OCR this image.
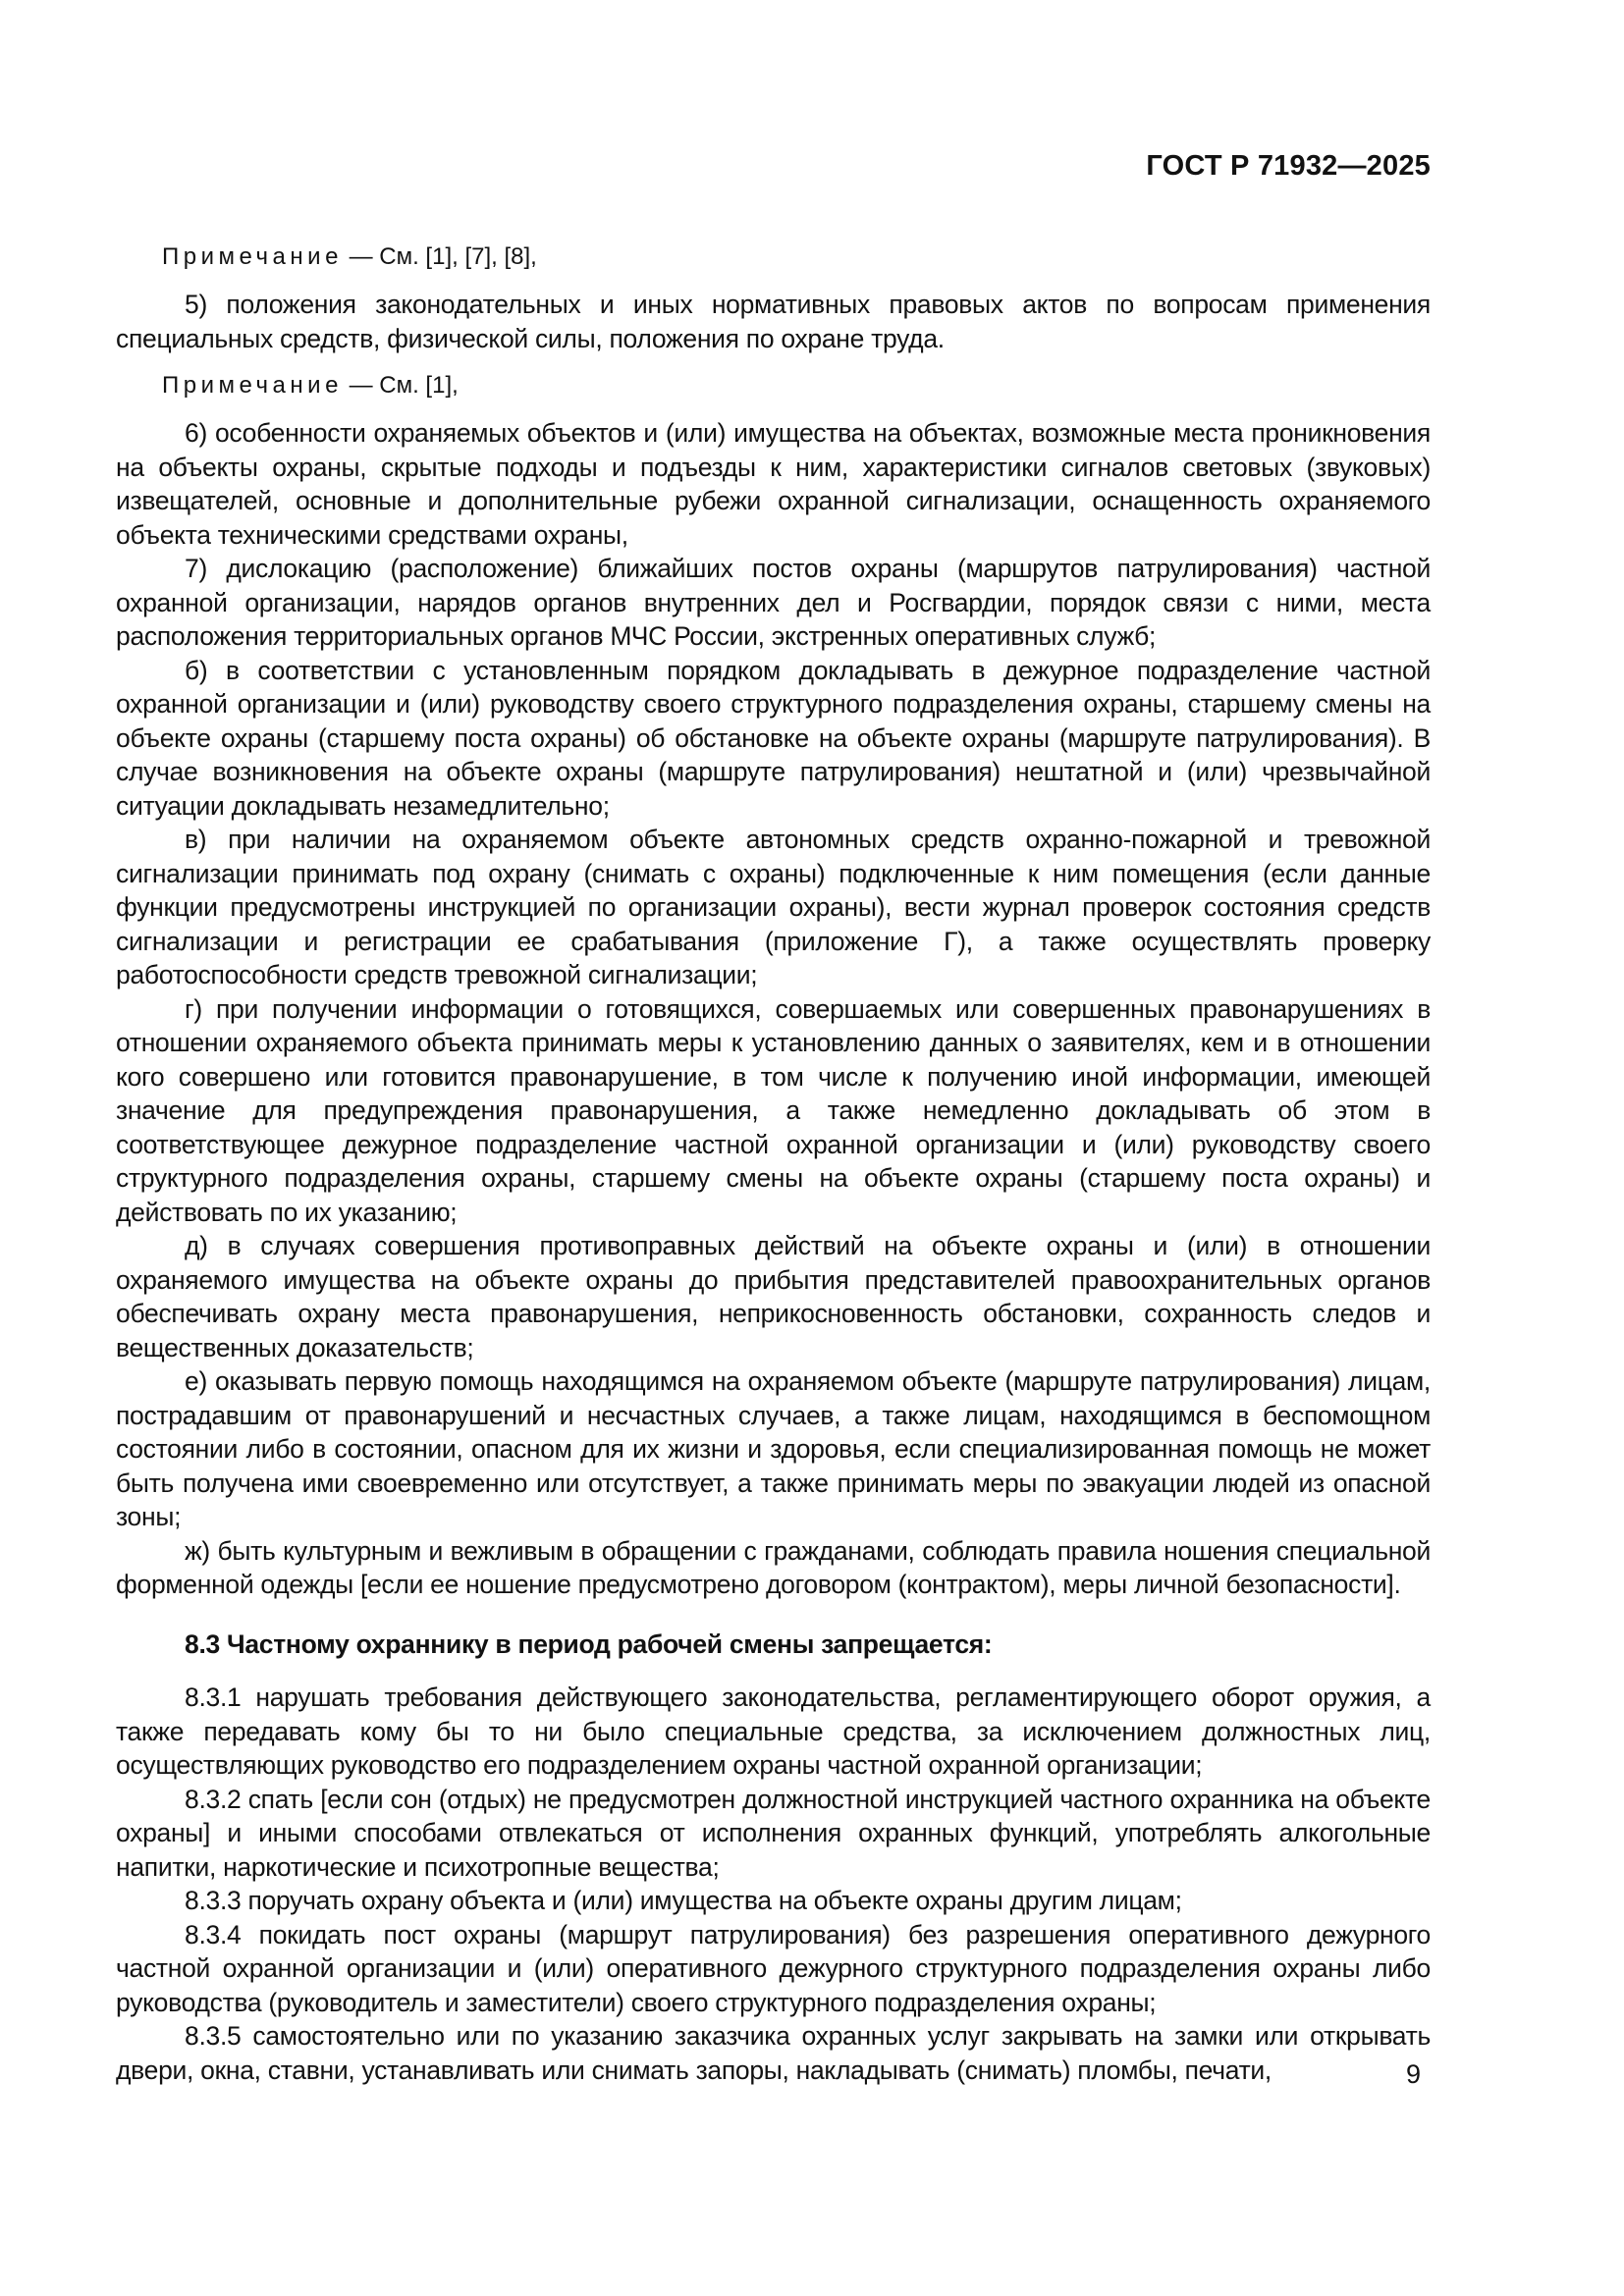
ГОСТ Р 71932—2025

Примечание — См. [1], [7], [8],

5) положения законодательных и иных нормативных правовых актов по вопросам применения специальных средств, физической силы, положения по охране труда.

Примечание — См. [1],

6) особенности охраняемых объектов и (или) имущества на объектах, возможные места проникновения на объекты охраны, скрытые подходы и подъезды к ним, характеристики сигналов световых (звуковых) извещателей, основные и дополнительные рубежи охранной сигнализации, оснащенность охраняемого объекта техническими средствами охраны,

7) дислокацию (расположение) ближайших постов охраны (маршрутов патрулирования) частной охранной организации, нарядов органов внутренних дел и Росгвардии, порядок связи с ними, места расположения территориальных органов МЧС России, экстренных оперативных служб;

б) в соответствии с установленным порядком докладывать в дежурное подразделение частной охранной организации и (или) руководству своего структурного подразделения охраны, старшему смены на объекте охраны (старшему поста охраны) об обстановке на объекте охраны (маршруте патрулирования). В случае возникновения на объекте охраны (маршруте патрулирования) нештатной и (или) чрезвычайной ситуации докладывать незамедлительно;

в) при наличии на охраняемом объекте автономных средств охранно-пожарной и тревожной сигнализации принимать под охрану (снимать с охраны) подключенные к ним помещения (если данные функции предусмотрены инструкцией по организации охраны), вести журнал проверок состояния средств сигнализации и регистрации ее срабатывания (приложение Г), а также осуществлять проверку работоспособности средств тревожной сигнализации;

г) при получении информации о готовящихся, совершаемых или совершенных правонарушениях в отношении охраняемого объекта принимать меры к установлению данных о заявителях, кем и в отношении кого совершено или готовится правонарушение, в том числе к получению иной информации, имеющей значение для предупреждения правонарушения, а также немедленно докладывать об этом в соответствующее дежурное подразделение частной охранной организации и (или) руководству своего структурного подразделения охраны, старшему смены на объекте охраны (старшему поста охраны) и действовать по их указанию;

д) в случаях совершения противоправных действий на объекте охраны и (или) в отношении охраняемого имущества на объекте охраны до прибытия представителей правоохранительных органов обеспечивать охрану места правонарушения, неприкосновенность обстановки, сохранность следов и вещественных доказательств;

е) оказывать первую помощь находящимся на охраняемом объекте (маршруте патрулирования) лицам, пострадавшим от правонарушений и несчастных случаев, а также лицам, находящимся в беспомощном состоянии либо в состоянии, опасном для их жизни и здоровья, если специализированная помощь не может быть получена ими своевременно или отсутствует, а также принимать меры по эвакуации людей из опасной зоны;

ж) быть культурным и вежливым в обращении с гражданами, соблюдать правила ношения специальной форменной одежды [если ее ношение предусмотрено договором (контрактом), меры личной безопасности].

8.3 Частному охраннику в период рабочей смены запрещается:

8.3.1 нарушать требования действующего законодательства, регламентирующего оборот оружия, а также передавать кому бы то ни было специальные средства, за исключением должностных лиц, осуществляющих руководство его подразделением охраны частной охранной организации;

8.3.2 спать [если сон (отдых) не предусмотрен должностной инструкцией частного охранника на объекте охраны] и иными способами отвлекаться от исполнения охранных функций, употреблять алкогольные напитки, наркотические и психотропные вещества;

8.3.3 поручать охрану объекта и (или) имущества на объекте охраны другим лицам;

8.3.4 покидать пост охраны (маршрут патрулирования) без разрешения оперативного дежурного частной охранной организации и (или) оперативного дежурного структурного подразделения охраны либо руководства (руководитель и заместители) своего структурного подразделения охраны;

8.3.5 самостоятельно или по указанию заказчика охранных услуг закрывать на замки или открывать двери, окна, ставни, устанавливать или снимать запоры, накладывать (снимать) пломбы, печати,	9
